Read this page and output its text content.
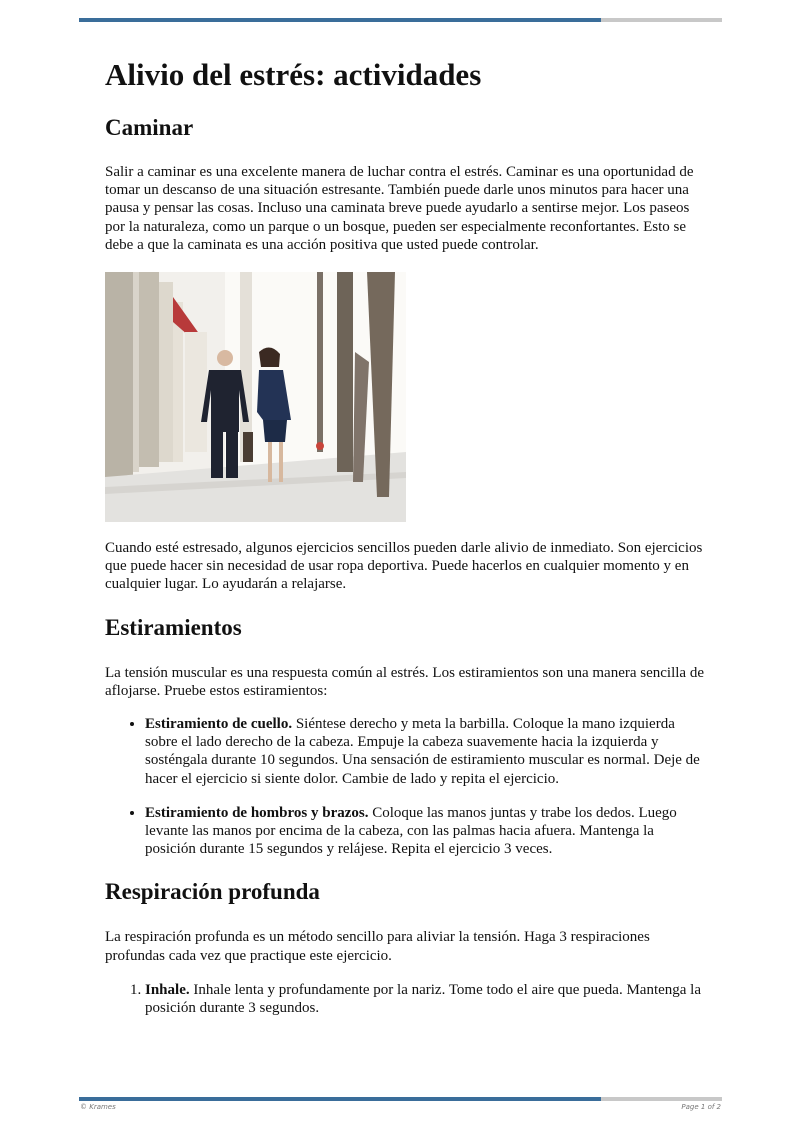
Alivio del estrés: actividades
Caminar

Salir a caminar es una excelente manera de luchar contra el estrés. Caminar es una oportunidad de tomar un descanso de una situación estresante. También puede darle unos minutos para hacer una pausa y pensar las cosas. Incluso una caminata breve puede ayudarlo a sentirse mejor. Los paseos por la naturaleza, como un parque o un bosque, pueden ser especialmente reconfortantes. Esto se debe a que la caminata es una acción positiva que usted puede controlar.

Cuando esté estresado, algunos ejercicios sencillos pueden darle alivio de inmediato. Son ejercicios que puede hacer sin necesidad de usar ropa deportiva. Puede hacerlos en cualquier momento y en cualquier lugar. Lo ayudarán a relajarse.

Estiramientos

La tensión muscular es una respuesta común al estrés. Los estiramientos son una manera sencilla de aflojarse. Pruebe estos estiramientos:

• Estiramiento de cuello. Siéntese derecho y meta la barbilla. Coloque la mano izquierda sobre el lado derecho de la cabeza. Empuje la cabeza suavemente hacia la izquierda y sosténgala durante 10 segundos. Una sensación de estiramiento muscular es normal. Deje de hacer el ejercicio si siente dolor. Cambie de lado y repita el ejercicio.
• Estiramiento de hombros y brazos. Coloque las manos juntas y trabe los dedos. Luego levante las manos por encima de la cabeza, con las palmas hacia afuera. Mantenga la posición durante 15 segundos y relájese. Repita el ejercicio 3 veces.
Respiración profunda

La respiración profunda es un método sencillo para aliviar la tensión. Haga 3 respiraciones profundas cada vez que practique este ejercicio.

1. Inhale. Inhale lenta y profundamente por la nariz. Tome todo el aire que pueda. Mantenga la posición durante 3 segundos.
© Krames	Page 1 of 2
